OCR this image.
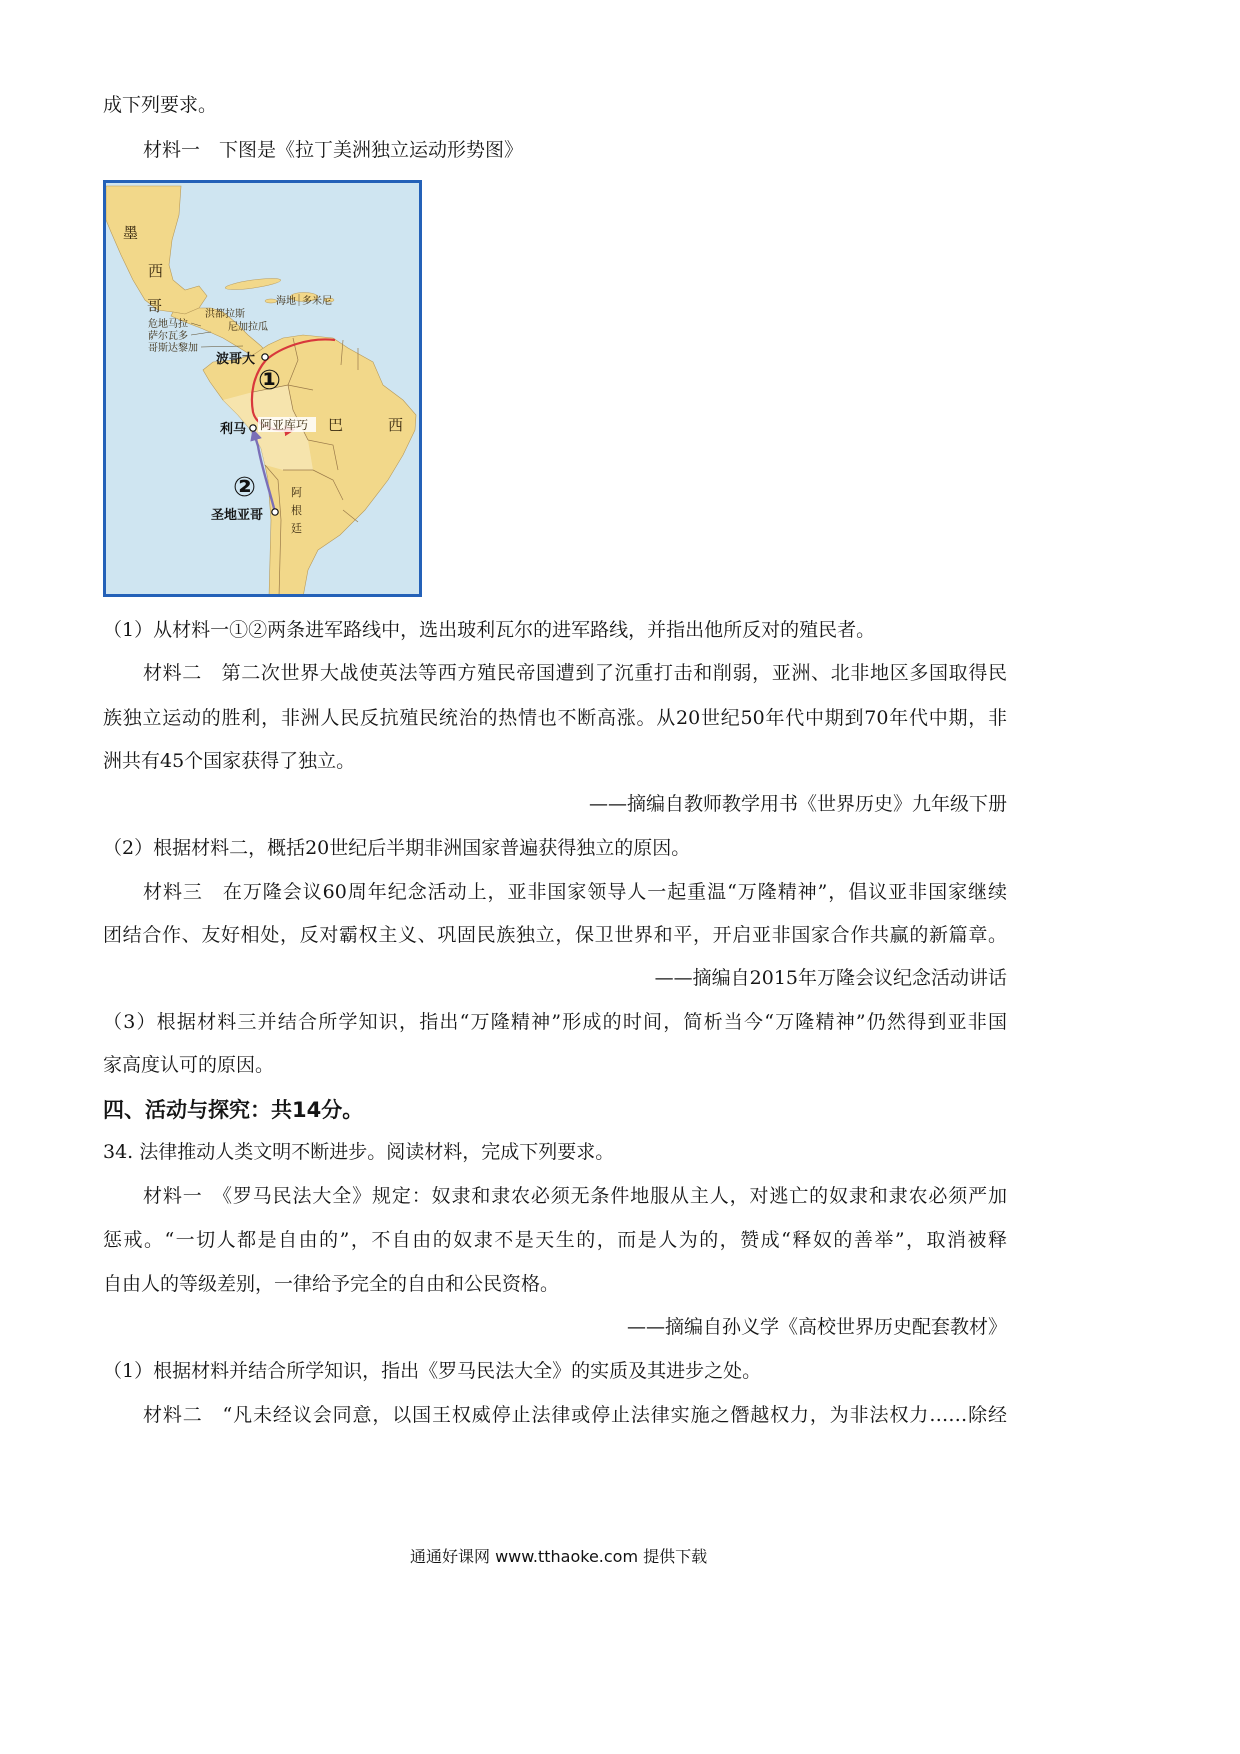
成下列要求。
材料一　下图是《拉丁美洲独立运动形势图》
墨
西
哥	洪都拉斯
危地马拉	尼加拉瓜
萨尔瓦多
哥斯达黎加
海地 多米尼
波哥大
①
阿亚库巧
利马	巴	西
②
圣地亚哥
阿
根
廷
（1）从材料一①②两条进军路线中，选出玻利瓦尔的进军路线，并指出他所反对的殖民者。
材料二　第二次世界大战使英法等西方殖民帝国遭到了沉重打击和削弱，亚洲、北非地区多国取得民
族独立运动的胜利，非洲人民反抗殖民统治的热情也不断高涨。从20世纪50年代中期到70年代中期，非
洲共有45个国家获得了独立。
——摘编自教师教学用书《世界历史》九年级下册
（2）根据材料二，概括20世纪后半期非洲国家普遍获得独立的原因。
材料三　在万隆会议60周年纪念活动上，亚非国家领导人一起重温“万隆精神”，倡议亚非国家继续
团结合作、友好相处，反对霸权主义、巩固民族独立，保卫世界和平，开启亚非国家合作共赢的新篇章。
——摘编自2015年万隆会议纪念活动讲话
（3）根据材料三并结合所学知识，指出“万隆精神”形成的时间，简析当今“万隆精神”仍然得到亚非国
家高度认可的原因。
四、活动与探究：共14分。
34. 法律推动人类文明不断进步。阅读材料，完成下列要求。
材料一　《罗马民法大全》规定：奴隶和隶农必须无条件地服从主人，对逃亡的奴隶和隶农必须严加
惩戒。“一切人都是自由的”，不自由的奴隶不是天生的，而是人为的，赞成“释奴的善举”，取消被释
自由人的等级差别，一律给予完全的自由和公民资格。
——摘编自孙义学《高校世界历史配套教材》
（1）根据材料并结合所学知识，指出《罗马民法大全》的实质及其进步之处。
材料二　“凡未经议会同意，以国王权威停止法律或停止法律实施之僭越权力，为非法权力……除经
通通好课网 www.tthaoke.com 提供下载
